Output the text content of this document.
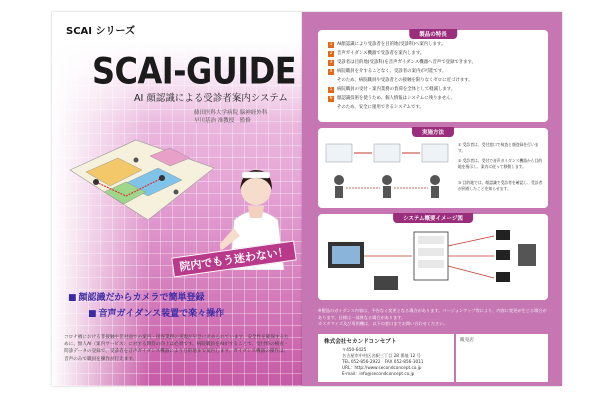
SCAI シリーズ
SCAI-GUIDE
AI 顔認識による受診者案内システム
藤田医科大学病院 脳神経外科
早川基治 准教授　監修
院内でもう迷わない！
■ 顔認識だからカメラで簡単登録
■ 音声ガイダンス装置で楽々操作
コロナ禍における非接触や非対面での案内・接客業務の実現が早急に求められています。安全性を確保するために、無人AI（案内サービス）に対する期待の向上は必須です。病院職員をAIがすることで、受付時の検査・問診データの登録で、受診者を音声ガイダンス機器により目的地まで案内します。ガイダンス機器の操作は、音声のみで職員を操作が行えます。
製品の特長
1 AI顔認識により受診者を目的地(受診科)へ案内します。
2 音声ガイダンス機器で受診者を案内します。
3 受診者は目的地(受診科)を音声ガイダンス機器へ音声で登録できます。
4 病院職員を介することなく、受診者の案内が可能です。
そのため、病院職員や受診者との接触を限りなくゼロに近づけます。
5 病院職員の受付・案内業務の負荷を全体として軽減します。
6 顔認識技術を使うため、個人情報はシステムに残りません。
そのため、安全に運用できるシステムです。
実施方法
① 受診者は、受付窓口で検査と顔登録を行います。
② 受診者は、受付で音声ガイダンス機器から目的地を指示し、案内に従って移動します。
③ 目的地では、顔認識で受診者を確認し、受診者が到着したことを知らせます。
システム概要イメージ図
※製品のガイダンス内容は、予告なく変更となる場合があります。バージョンアップ等により、内容に変更が生じる場合があります。仕様は一部異なる場合があります。
カスタマイズ及び専用機は、以下の窓口までお問い合わせください。
株式会社セカンドコンセプト
〒450-6425
名古屋市中村区名駅三丁目 28 番地 12 号
TEL 052-856-2922　FAX 052-856-3011
URL：http://www.secondconcept.co.jp
E-mail：info@secondconcept.co.jp
販売店
